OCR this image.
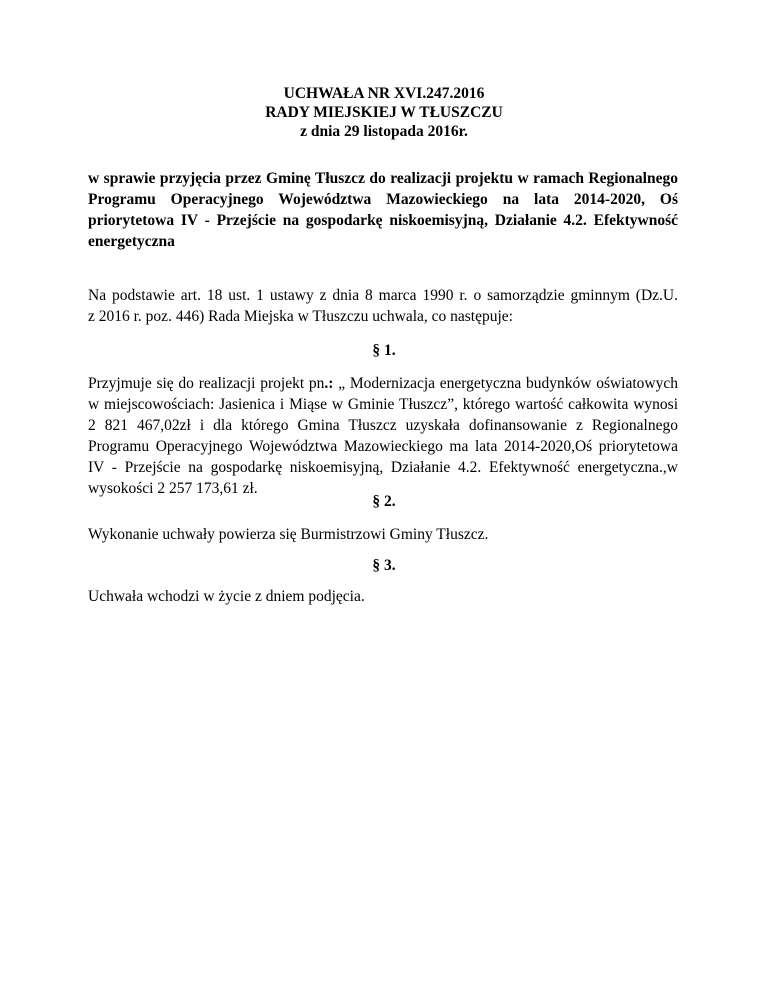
UCHWAŁA NR XVI.247.2016
RADY MIEJSKIEJ W TŁUSZCZU
z dnia 29 listopada 2016r.
w sprawie przyjęcia przez Gminę Tłuszcz do realizacji projektu w ramach Regionalnego
Programu Operacyjnego Województwa Mazowieckiego na lata 2014-2020, Oś
priorytetowa IV - Przejście na gospodarkę niskoemisyjną, Działanie 4.2. Efektywność
energetyczna
Na podstawie art. 18 ust. 1 ustawy z dnia 8 marca 1990 r. o samorządzie gminnym (Dz.U.
z 2016 r. poz. 446) Rada Miejska w Tłuszczu uchwala, co następuje:
§ 1.
Przyjmuje się do realizacji projekt pn.: „ Modernizacja energetyczna budynków oświatowych
w miejscowościach: Jasienica i Miąse w Gminie Tłuszcz”, którego wartość całkowita wynosi
2 821 467,02zł i dla którego Gmina Tłuszcz uzyskała dofinansowanie z Regionalnego
Programu Operacyjnego Województwa Mazowieckiego ma lata 2014-2020,Oś priorytetowa
IV - Przejście na gospodarkę niskoemisyjną, Działanie 4.2. Efektywność energetyczna.,w
wysokości 2 257 173,61 zł.
§ 2.
Wykonanie uchwały powierza się Burmistrzowi Gminy Tłuszcz.
§ 3.
Uchwała wchodzi w życie z dniem podjęcia.
